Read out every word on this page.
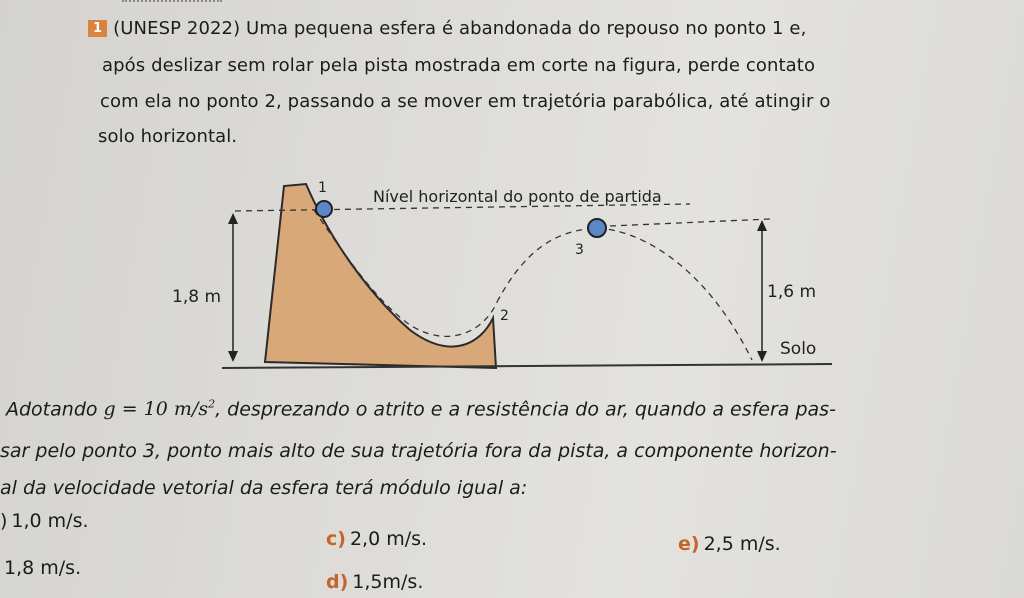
1 (UNESP 2022) Uma pequena esfera é abandonada do repouso no ponto 1 e,
após deslizar sem rolar pela pista mostrada em corte na figura, perde contato
com ela no ponto 2, passando a se mover em trajetória parabólica, até atingir o
solo horizontal.
1	Nível horizontal do ponto de partida
3
2
1,8 m	1,6 m
Solo
Adotando g = 10 $m/s^2$, desprezando o atrito e a resistência do ar, quando a esfera pas-
sar pelo ponto 3, ponto mais alto de sua trajetória fora da pista, a componente horizon-
al da velocidade vetorial da esfera terá módulo igual a:
) 1,0 m/s.
1,8 m/s.
c) 2,0 m/s.
d) 1,5m/s.
e) 2,5 m/s.
